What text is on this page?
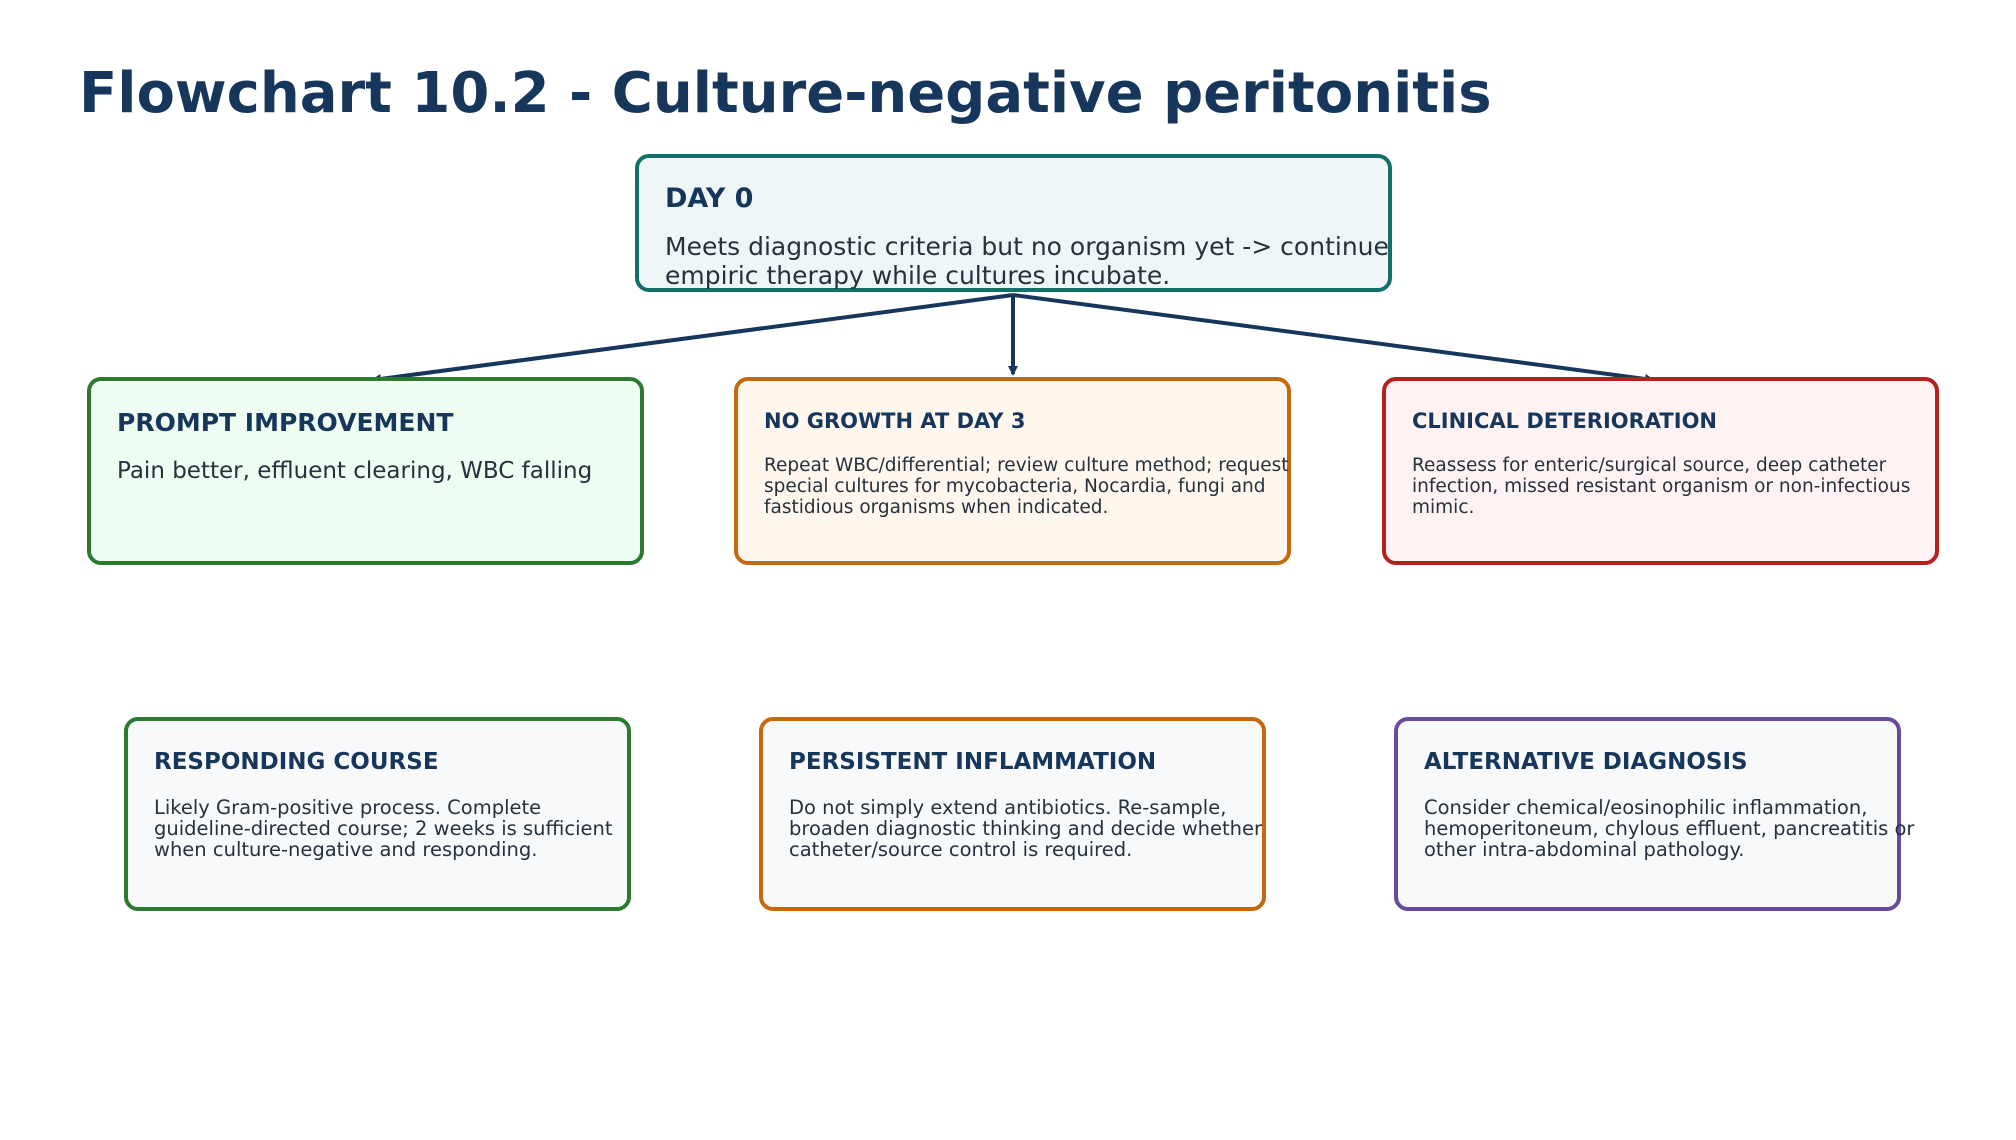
Flowchart 10.2 - Culture-negative peritonitis
DAY 0
Meets diagnostic criteria but no organism yet -> continue
empiric therapy while cultures incubate.
PROMPT IMPROVEMENT
Pain better, effluent clearing, WBC falling
NO GROWTH AT DAY 3
Repeat WBC/differential; review culture method; request
special cultures for mycobacteria, Nocardia, fungi and
fastidious organisms when indicated.
CLINICAL DETERIORATION
Reassess for enteric/surgical source, deep catheter
infection, missed resistant organism or non-infectious
mimic.
RESPONDING COURSE
Likely Gram-positive process. Complete
guideline-directed course; 2 weeks is sufficient
when culture-negative and responding.
PERSISTENT INFLAMMATION
Do not simply extend antibiotics. Re-sample,
broaden diagnostic thinking and decide whether
catheter/source control is required.
ALTERNATIVE DIAGNOSIS
Consider chemical/eosinophilic inflammation,
hemoperitoneum, chylous effluent, pancreatitis or
other intra-abdominal pathology.
